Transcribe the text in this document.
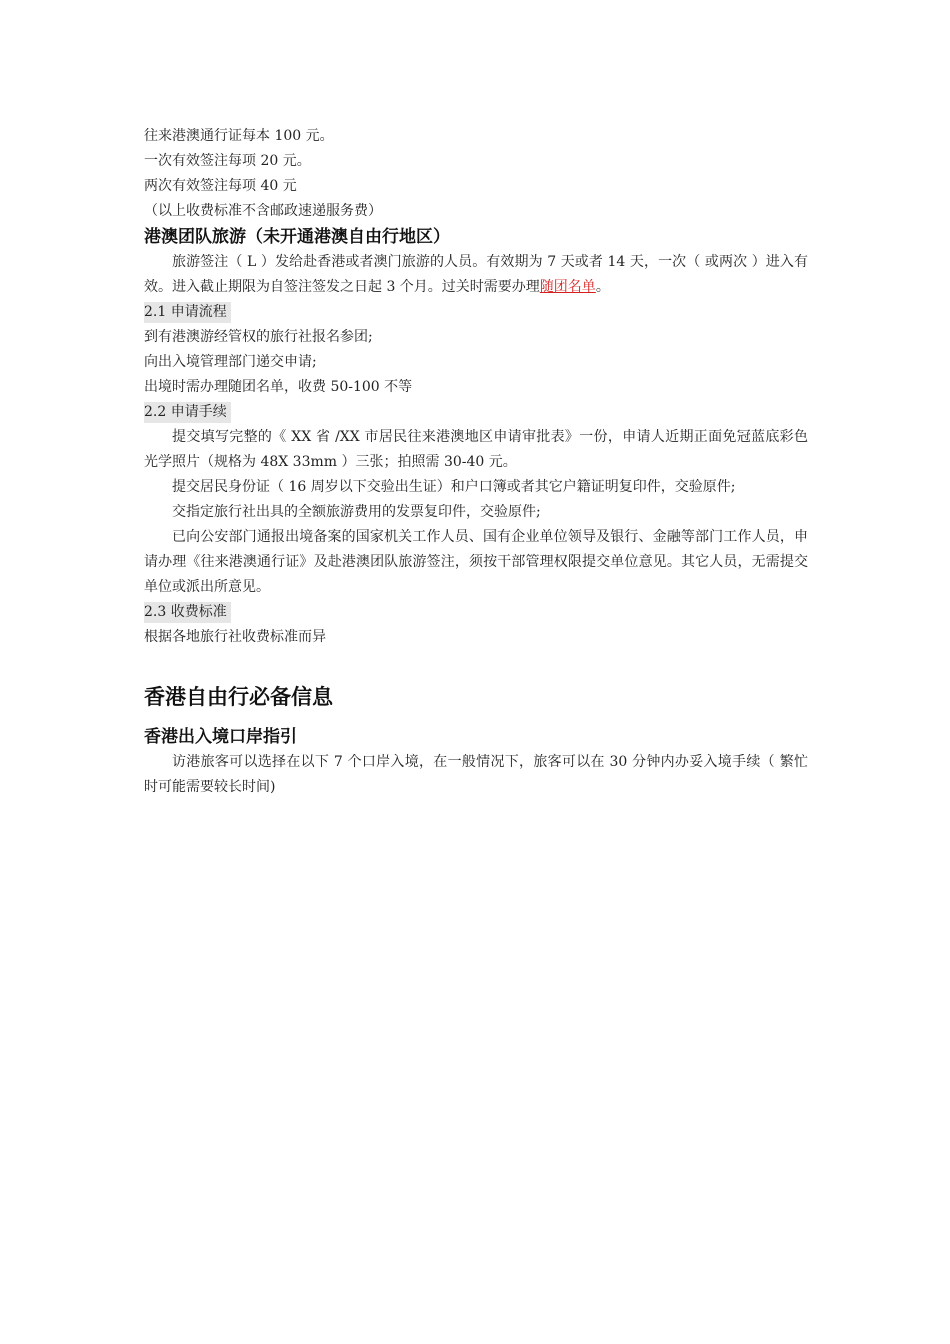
往来港澳通行证每本 100 元。

一次有效签注每项 20 元。

两次有效签注每项 40 元

（以上收费标准不含邮政速递服务费）

港澳团队旅游（未开通港澳自由行地区）

旅游签注（ L ）发给赴香港或者澳门旅游的人员。有效期为 7 天或者 14 天，一次（ 或两次 ）进入有效。进入截止期限为自签注签发之日起 3 个月。过关时需要办理随团名单。

2.1 申请流程

到有港澳游经管权的旅行社报名参团;

向出入境管理部门递交申请;

出境时需办理随团名单，收费 50-100 不等

2.2 申请手续

提交填写完整的《 XX 省 /XX 市居民往来港澳地区申请审批表》一份，申请人近期正面免冠蓝底彩色光学照片（规格为 48X 33mm ）三张；拍照需 30-40 元。

提交居民身份证（ 16 周岁以下交验出生证）和户口簿或者其它户籍证明复印件，交验原件;

交指定旅行社出具的全额旅游费用的发票复印件，交验原件;

已向公安部门通报出境备案的国家机关工作人员、国有企业单位领导及银行、金融等部门工作人员，申请办理《往来港澳通行证》及赴港澳团队旅游签注，须按干部管理权限提交单位意见。其它人员，无需提交单位或派出所意见。

2.3 收费标准

根据各地旅行社收费标准而异

香港自由行必备信息

香港出入境口岸指引

访港旅客可以选择在以下 7 个口岸入境，在一般情况下，旅客可以在 30 分钟内办妥入境手续（ 繁忙时可能需要较长时间)
